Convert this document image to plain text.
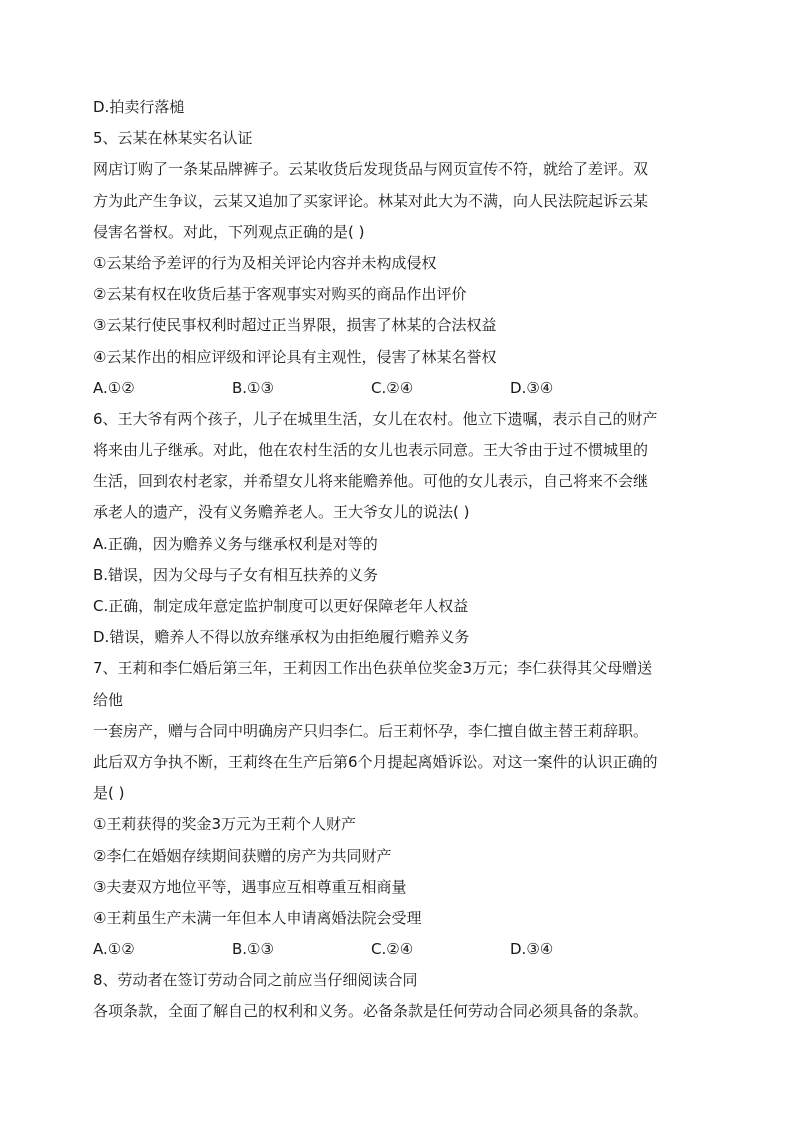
D.拍卖行落槌
5、云某在林某实名认证
网店订购了一条某品牌裤子。云某收货后发现货品与网页宣传不符，就给了差评。双
方为此产生争议，云某又追加了买家评论。林某对此大为不满，向人民法院起诉云某
侵害名誉权。对此，下列观点正确的是( )
①云某给予差评的行为及相关评论内容并未构成侵权
②云某有权在收货后基于客观事实对购买的商品作出评价
③云某行使民事权利时超过正当界限，损害了林某的合法权益
④云某作出的相应评级和评论具有主观性，侵害了林某名誉权
A.①②	B.①③	C.②④	D.③④
6、王大爷有两个孩子，儿子在城里生活，女儿在农村。他立下遗嘱，表示自己的财产
将来由儿子继承。对此，他在农村生活的女儿也表示同意。王大爷由于过不惯城里的
生活，回到农村老家，并希望女儿将来能赡养他。可他的女儿表示，自己将来不会继
承老人的遗产，没有义务赡养老人。王大爷女儿的说法( )
A.正确，因为赡养义务与继承权利是对等的
B.错误，因为父母与子女有相互扶养的义务
C.正确，制定成年意定监护制度可以更好保障老年人权益
D.错误，赡养人不得以放弃继承权为由拒绝履行赡养义务
7、王莉和李仁婚后第三年，王莉因工作出色获单位奖金3万元；李仁获得其父母赠送
给他
一套房产，赠与合同中明确房产只归李仁。后王莉怀孕，李仁擅自做主替王莉辞职。
此后双方争执不断，王莉终在生产后第6个月提起离婚诉讼。对这一案件的认识正确的
是( )
①王莉获得的奖金3万元为王莉个人财产
②李仁在婚姻存续期间获赠的房产为共同财产
③夫妻双方地位平等，遇事应互相尊重互相商量
④王莉虽生产未满一年但本人申请离婚法院会受理
A.①②	B.①③	C.②④	D.③④
8、劳动者在签订劳动合同之前应当仔细阅读合同
各项条款，全面了解自己的权利和义务。必备条款是任何劳动合同必须具备的条款。
